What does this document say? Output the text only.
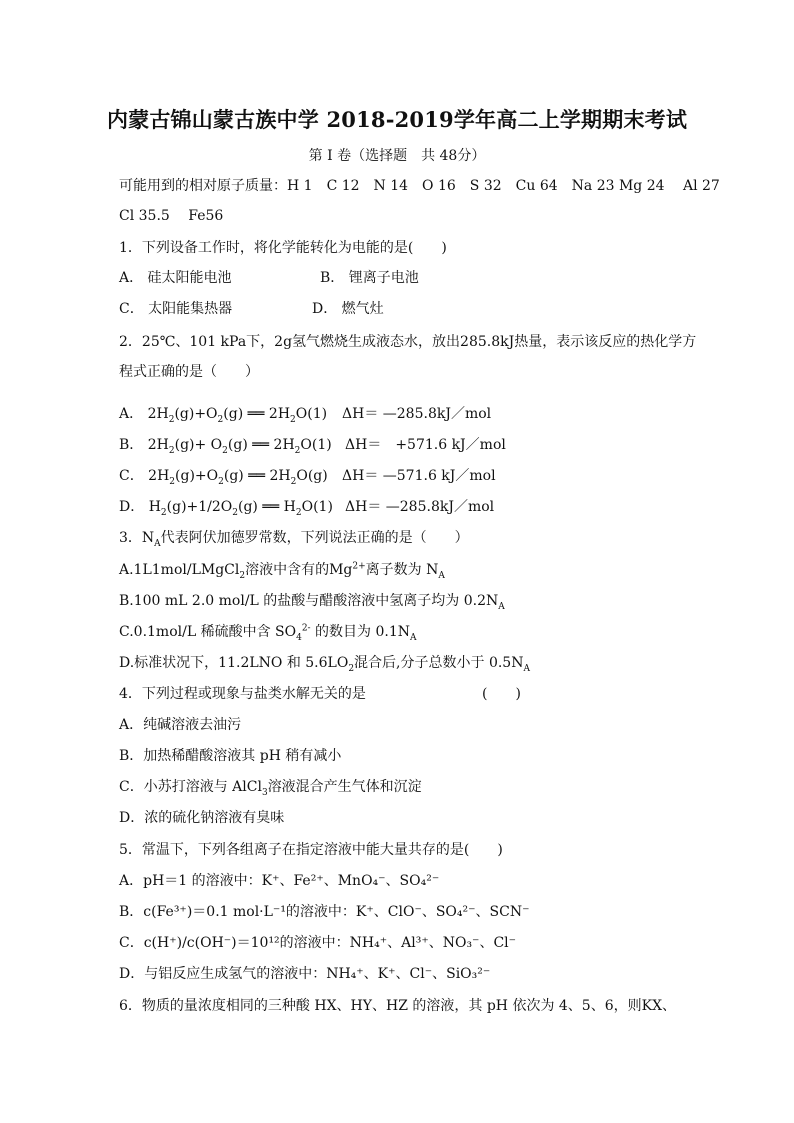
内蒙古锦山蒙古族中学 2018-2019学年高二上学期期末考试
第 I 卷（选择题　共 48分）
可能用到的相对原子质量：H 1　C 12　N 14　O 16　S 32　Cu 64　Na 23 Mg 24　 Al 27
Cl 35.5　 Fe56
1．下列设备工作时，将化学能转化为电能的是(　　)
A． 硅太阳能电池	B． 锂离子电池
C． 太阳能集热器	D． 燃气灶
2．25℃、101 kPa下，2g氢气燃烧生成液态水，放出285.8kJ热量，表示该反应的热化学方
程式正确的是（　　）
A． $2H_2(g)+O_2(g)$ ══ $2H_2O(1)$ ΔH＝ —285.8kJ／mol
B． $2H_2(g)+ O_2(g)$ ══ $2H_2O(1)$ ΔH＝　+571.6 kJ／mol
C． $2H_2(g)+O_2(g)$ ══ $2H_2O(g)$ ΔH＝ —571.6 kJ／mol
D． $H_2(g)+1/2O_2(g)$ ══ $H_2O(1)$ ΔH＝ —285.8kJ／mol
3．$N_A$代表阿伏加德罗常数，下列说法正确的是（　　）
A.1L1mol/LMgCl$_2$溶液中含有的$Mg^{2+}$离子数为 $N_A$
B.100 mL 2.0 mol/L 的盐酸与醋酸溶液中氢离子均为 $0.2N_A$
C.0.1mol/L 稀硫酸中含 $SO_4^{2-}$ 的数目为 $0.1N_A$
D.标准状况下，11.2LNO 和 $5.6LO_2$混合后,分子总数小于 $0.5N_A$
4．下列过程或现象与盐类水解无关的是	(　　)
A．纯碱溶液去油污
B．加热稀醋酸溶液其 pH 稍有减小
C．小苏打溶液与 AlCl$_3$溶液混合产生气体和沉淀
D．浓的硫化钠溶液有臭味
5．常温下，下列各组离子在指定溶液中能大量共存的是(　　)
A．pH＝1 的溶液中：K⁺、Fe²⁺、MnO₄⁻、SO₄²⁻
B．c(Fe³⁺)＝0.1 mol·L⁻¹的溶液中：K⁺、ClO⁻、SO₄²⁻、SCN⁻
C．c(H⁺)/c(OH⁻)＝10¹²的溶液中：NH₄⁺、Al³⁺、NO₃⁻、Cl⁻
D．与铝反应生成氢气的溶液中：NH₄⁺、K⁺、Cl⁻、SiO₃²⁻
6．物质的量浓度相同的三种酸 HX、HY、HZ 的溶液，其 pH 依次为 4、5、6，则KX、
